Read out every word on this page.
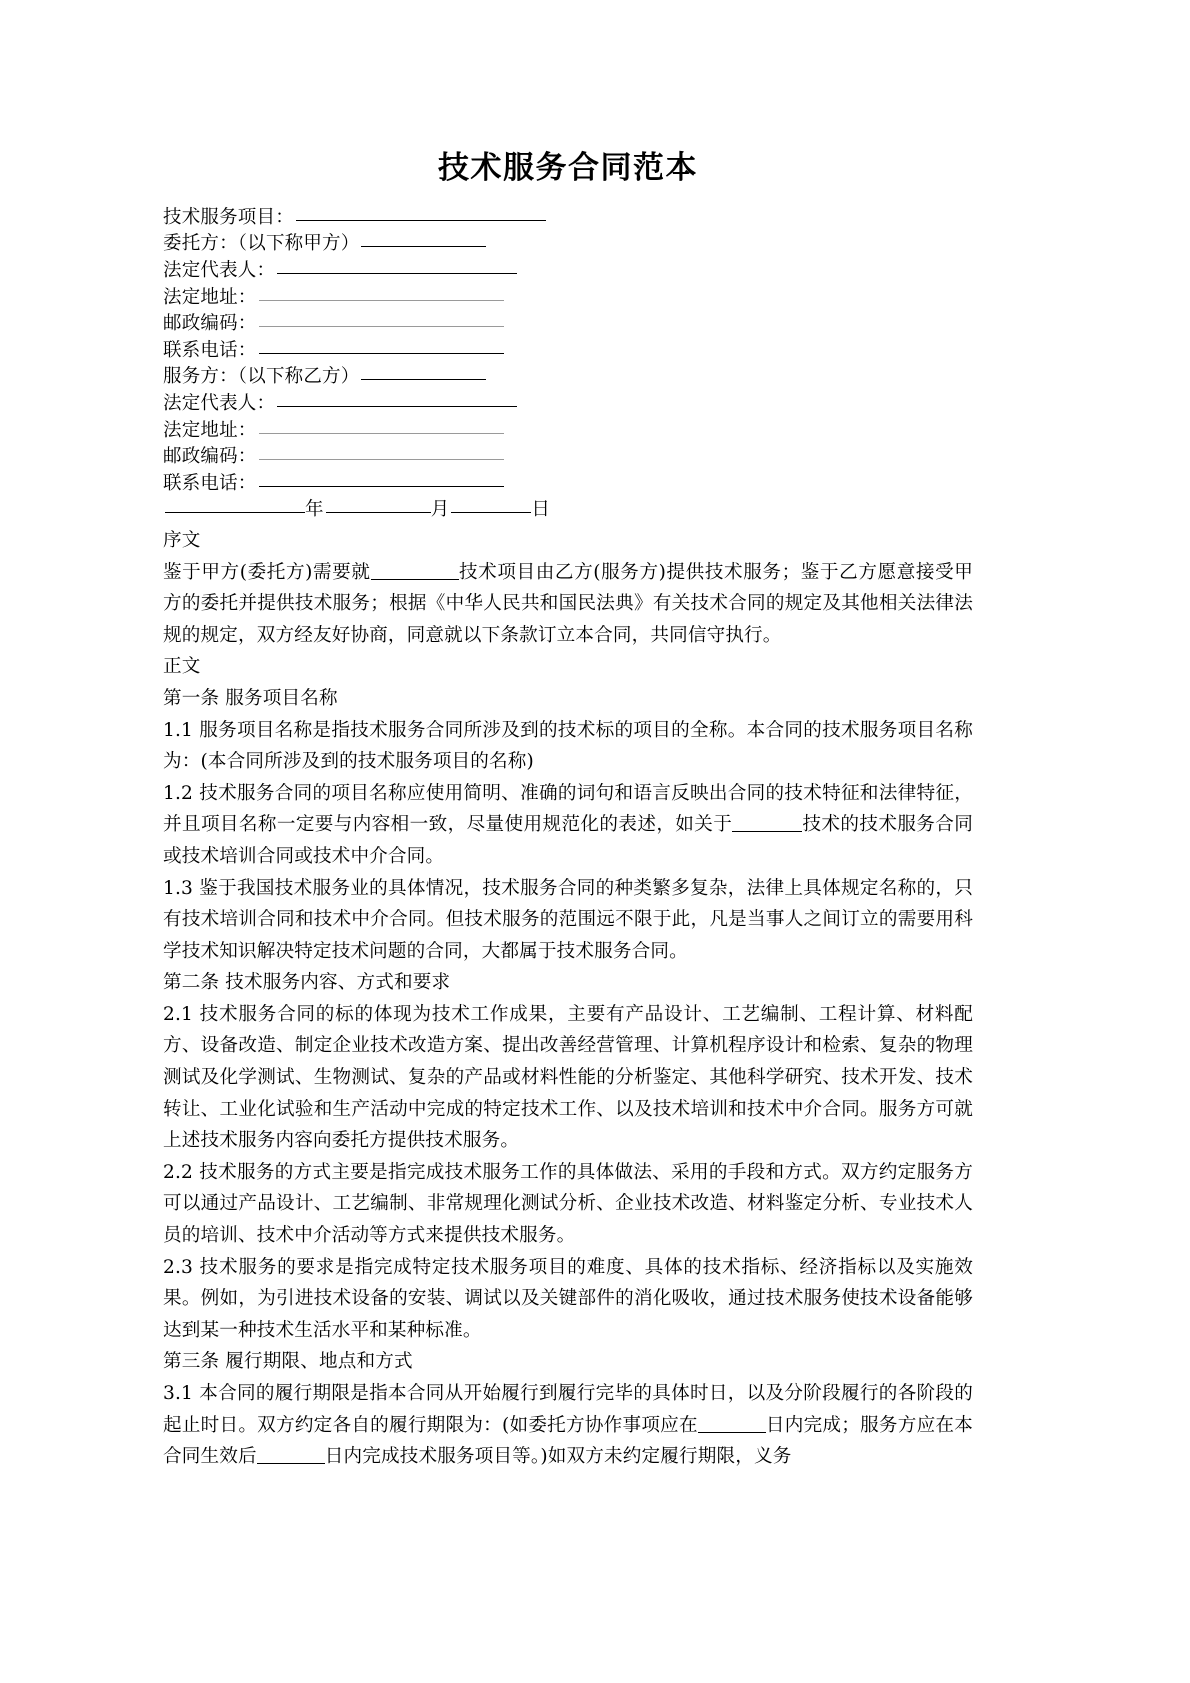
技术服务合同范本
技术服务项目：
委托方：（以下称甲方）
法定代表人：
法定地址：
邮政编码：
联系电话：
服务方：（以下称乙方）
法定代表人：
法定地址：
邮政编码：
联系电话：
年	月	日

序文

鉴于甲方(委托方)需要就	技术项目由乙方(服务方)提供技术服务；鉴于乙方愿意接受甲方的委托并提供技术服务；根据《中华人民共和国民法典》有关技术合同的规定及其他相关法律法规的规定，双方经友好协商，同意就以下条款订立本合同，共同信守执行。

正文

第一条 服务项目名称

1.1 服务项目名称是指技术服务合同所涉及到的技术标的项目的全称。本合同的技术服务项目名称为：(本合同所涉及到的技术服务项目的名称)

1.2 技术服务合同的项目名称应使用简明、准确的词句和语言反映出合同的技术特征和法律特征，并且项目名称一定要与内容相一致，尽量使用规范化的表述，如关于	技术的技术服务合同或技术培训合同或技术中介合同。

1.3 鉴于我国技术服务业的具体情况，技术服务合同的种类繁多复杂，法律上具体规定名称的，只有技术培训合同和技术中介合同。但技术服务的范围远不限于此，凡是当事人之间订立的需要用科学技术知识解决特定技术问题的合同，大都属于技术服务合同。

第二条 技术服务内容、方式和要求

2.1 技术服务合同的标的体现为技术工作成果，主要有产品设计、工艺编制、工程计算、材料配方、设备改造、制定企业技术改造方案、提出改善经营管理、计算机程序设计和检索、复杂的物理测试及化学测试、生物测试、复杂的产品或材料性能的分析鉴定、其他科学研究、技术开发、技术转让、工业化试验和生产活动中完成的特定技术工作、以及技术培训和技术中介合同。服务方可就上述技术服务内容向委托方提供技术服务。

2.2 技术服务的方式主要是指完成技术服务工作的具体做法、采用的手段和方式。双方约定服务方可以通过产品设计、工艺编制、非常规理化测试分析、企业技术改造、材料鉴定分析、专业技术人员的培训、技术中介活动等方式来提供技术服务。

2.3 技术服务的要求是指完成特定技术服务项目的难度、具体的技术指标、经济指标以及实施效果。例如，为引进技术设备的安装、调试以及关键部件的消化吸收，通过技术服务使技术设备能够达到某一种技术生活水平和某种标准。

第三条 履行期限、地点和方式

3.1 本合同的履行期限是指本合同从开始履行到履行完毕的具体时日，以及分阶段履行的各阶段的起止时日。双方约定各自的履行期限为：(如委托方协作事项应在	日内完成；服务方应在本合同生效后	日内完成技术服务项目等。)如双方未约定履行期限，义务
